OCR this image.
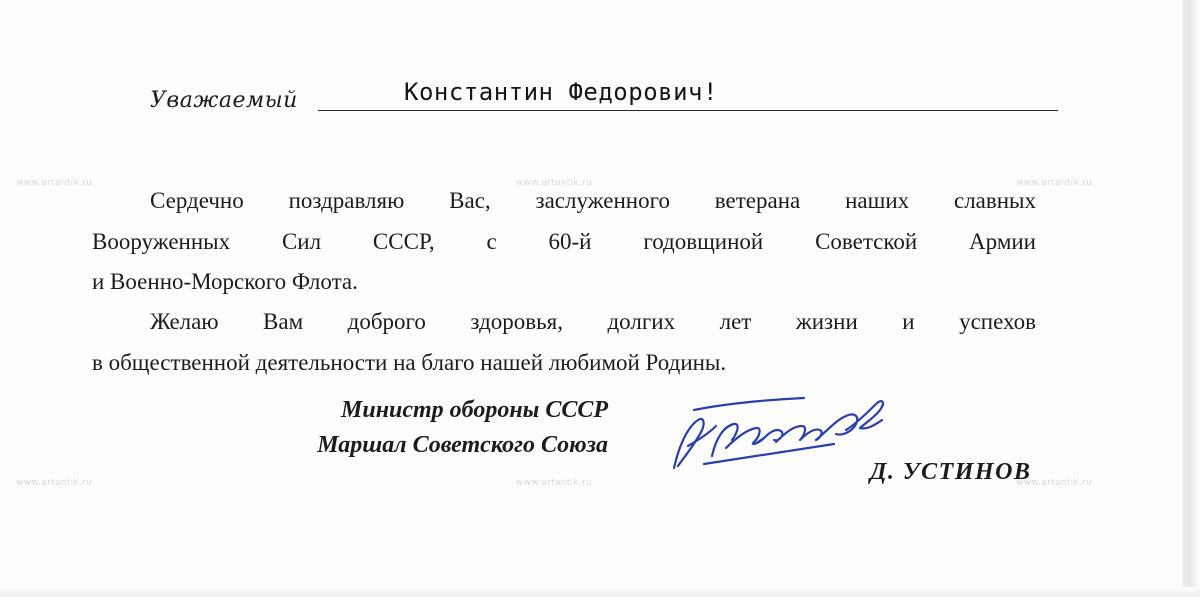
www.artantik.ru	www.artantik.ru	www.artantik.ru
www.artantik.ru	www.artantik.ru	www.artantik.ru
Уважаемый	Константин Федорович!
Сердечно поздравляю Вас, заслуженного ветерана наших славных
Вооруженных Сил СССР, с 60-й годовщиной Советской Армии
и Военно-Морского Флота.
Желаю Вам доброго здоровья, долгих лет жизни и успехов
в общественной деятельности на благо нашей любимой Родины.
Министр обороны СССР
Маршал Советского Союза
Д. УСТИНОВ
